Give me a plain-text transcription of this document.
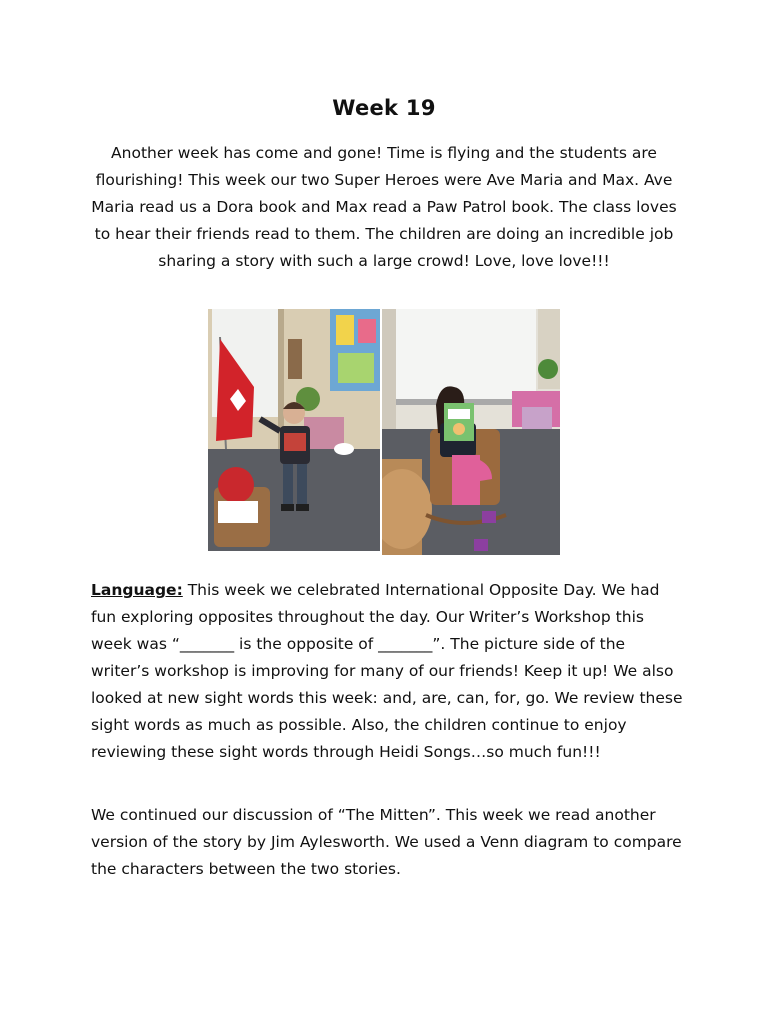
Week 19
Another week has come and gone! Time is flying and the students are flourishing! This week our two Super Heroes were Ave Maria and Max. Ave Maria read us a Dora book and Max read a Paw Patrol book. The class loves to hear their friends read to them. The children are doing an incredible job sharing a story with such a large crowd! Love, love love!!!
Language: This week we celebrated International Opposite Day. We had fun exploring opposites throughout the day. Our Writer’s Workshop this week was “_______ is the opposite of _______”. The picture side of the writer’s workshop is improving for many of our friends! Keep it up! We also looked at new sight words this week: and, are, can, for, go. We review these sight words as much as possible. Also, the children continue to enjoy reviewing these sight words through Heidi Songs…so much fun!!!
We continued our discussion of “The Mitten”. This week we read another version of the story by Jim Aylesworth. We used a Venn diagram to compare the characters between the two stories.
